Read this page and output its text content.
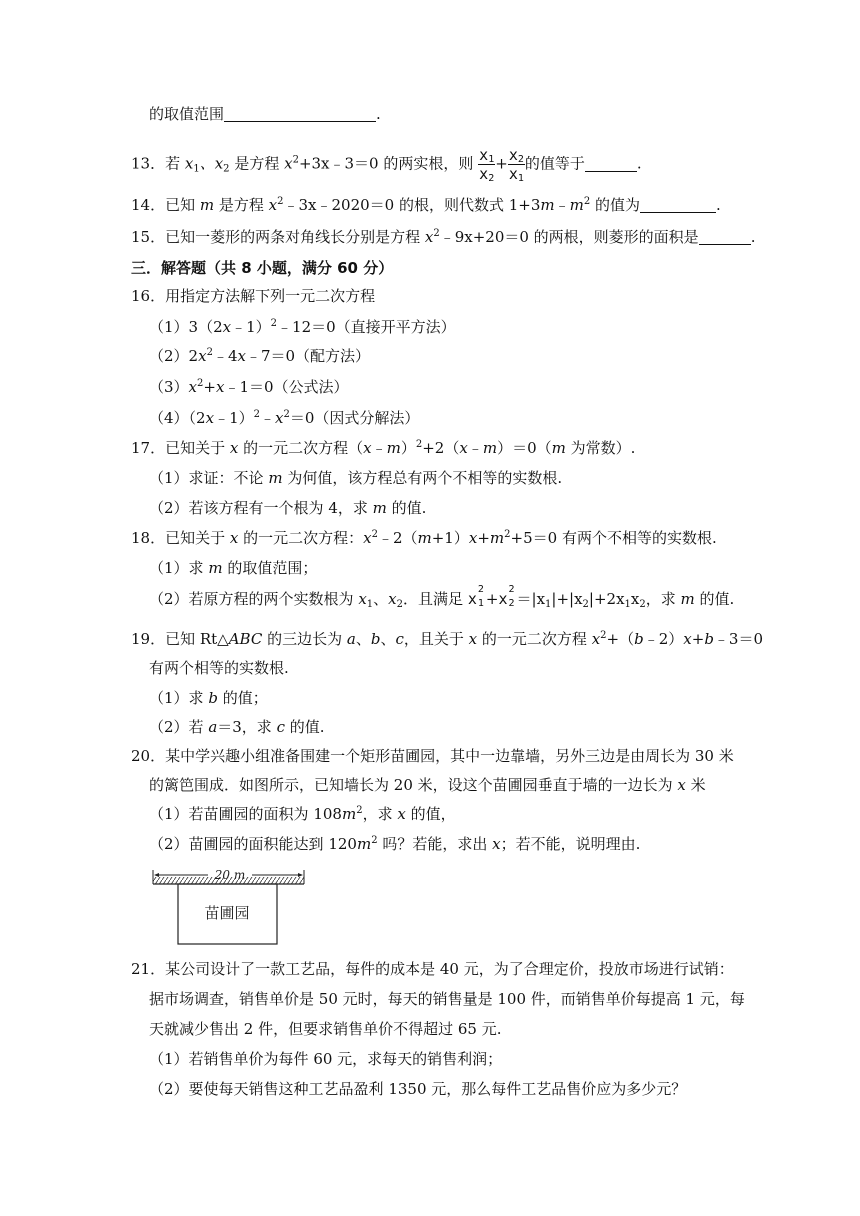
的取值范围	.
13．若 $x_1$、$x_2$ 是方程 $x^2+3x﹣3=0$ 的两实根，则 $\frac{x_1}{x_2} + \frac{x_2}{x_1}$ 的值等于	.
14．已知 m 是方程 $x^2﹣3x﹣2020=0$ 的根，则代数式 $1+3m﹣m^2$ 的值为	.
15．已知一菱形的两条对角线长分别是方程 $x^2﹣9x+20=0$ 的两根，则菱形的面积是	.
三．解答题（共 8 小题，满分 60 分）
16．用指定方法解下列一元二次方程
（1）3（2x﹣1）$^2$﹣12＝0（直接开平方法）
$(2)2x^2﹣4x﹣7=0$（配方法）
$(3)x^2+x﹣1=0$（公式法）
$(4)(2x﹣1)^2﹣x^2=0$（因式分解法）
17．已知关于 x 的一元二次方程（x﹣m）$^2$+2（x﹣m）＝0（m 为常数）.
（1）求证：不论 m 为何值，该方程总有两个不相等的实数根.
（2）若该方程有一个根为 4，求 m 的值.
18．已知关于 x 的一元二次方程：$x^2﹣2(m+1)x+m^2+5=0$ 有两个不相等的实数根.
（1）求 m 的取值范围；
（2）若原方程的两个实数根为 $x_1$、$x_2$．且满足 x
2
1 +x
2
$2 =|x_1|+|x_2|+2x_1x_2$，求 m 的值.
19．已知 Rt△ABC 的三边长为 a、b、c，且关于 x 的一元二次方程 $x^2+(b﹣2)x+b﹣3=0$
有两个相等的实数根.
（1）求 b 的值；
（2）若 a＝3，求 c 的值.
20．某中学兴趣小组准备围建一个矩形苗圃园，其中一边靠墙，另外三边是由周长为 30 米
的篱笆围成．如图所示，已知墙长为 20 米，设这个苗圃园垂直于墙的一边长为 x 米
（1）若苗圃园的面积为 $108m^2$，求 x 的值，
（2）苗圃园的面积能达到 $120m^2$ 吗？若能，求出 x；若不能，说明理由.
20 m
苗圃园
21．某公司设计了一款工艺品，每件的成本是 40 元，为了合理定价，投放市场进行试销：
据市场调查，销售单价是 50 元时，每天的销售量是 100 件，而销售单价每提高 1 元，每
天就减少售出 2 件，但要求销售单价不得超过 65 元.
（1）若销售单价为每件 60 元，求每天的销售利润；
（2）要使每天销售这种工艺品盈利 1350 元，那么每件工艺品售价应为多少元？
